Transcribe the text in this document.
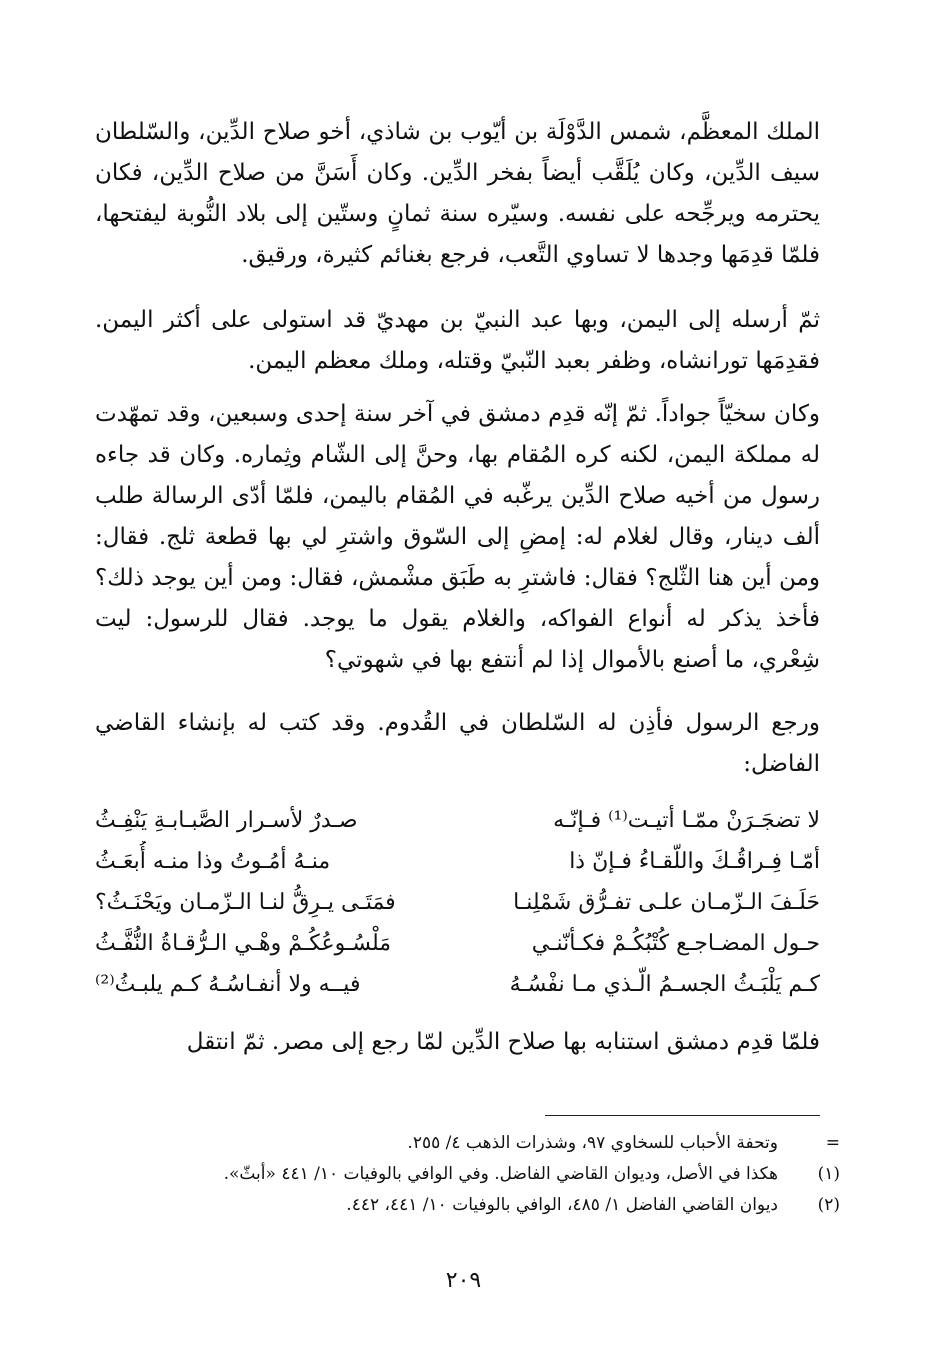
الملك المعظَّم، شمس الدَّوْلَة بن أيّوب بن شاذي، أخو صلاح الدِّين، والسّلطان سيف الدِّين، وكان يُلَقَّب أيضاً بفخر الدِّين. وكان أَسَنَّ من صلاح الدِّين، فكان يحترمه ويرجِّحه على نفسه. وسيّره سنة ثمانٍ وستّين إلى بلاد النُّوبة ليفتحها، فلمّا قدِمَها وجدها لا تساوي التَّعب، فرجع بغنائم كثيرة، ورقيق.

ثمّ أرسله إلى اليمن، وبها عبد النبيّ بن مهديّ قد استولى على أكثر اليمن. فقدِمَها تورانشاه، وظفر بعبد النّبيّ وقتله، وملك معظم اليمن.

وكان سخيّاً جواداً. ثمّ إنّه قدِم دمشق في آخر سنة إحدى وسبعين، وقد تمهّدت له مملكة اليمن، لكنه كره المُقام بها، وحنَّ إلى الشّام وثِماره. وكان قد جاءه رسول من أخيه صلاح الدِّين يرغّبه في المُقام باليمن، فلمّا أدّى الرسالة طلب ألف دينار، وقال لغلام له: إمضِ إلى السّوق واشترِ لي بها قطعة ثلج. فقال: ومن أين هنا الثّلج؟ فقال: فاشترِ به طَبَق مشْمش، فقال: ومن أين يوجد ذلك؟ فأخذ يذكر له أنواع الفواكه، والغلام يقول ما يوجد. فقال للرسول: ليت شِعْري، ما أصنع بالأموال إذا لم أنتفع بها في شهوتي؟

ورجع الرسول فأذِن له السّلطان في القُدوم. وقد كتب له بإنشاء القاضي الفاضل:

لا تضجَـرَنْ ممّـا أتيـت⁽¹⁾ فـإنّـه
صـدرٌ لأسـرار الصَّبـابـةِ يَنْفِـثُ
أمّـا فِـراقُـكَ واللّقـاءُ فـإنّ ذا
منـهُ أمُـوتُ وذا منـه أُبعَـثُ
حَلَـفَ الـزّمـان علـى تفـرُّق شَمْلِنـا
فمَتَـى يـرِقُّ لنـا الـزّمـان ويَحْنَـثُ؟
حـول المضـاجـع كُتْبُكُـمْ فكـأنّنـي
مَلْسُـوعُكُـمْ وهْـي الـرُّقـاةُ النُّفَّـثُ
كـم يَلْبَـثُ الجسـمُ الّـذي مـا نفْسُـهُ
فيــه ولا أنفـاسُـهُ كـم يلبـثُ⁽²⁾

فلمّا قدِم دمشق استنابه بها صلاح الدِّين لمّا رجع إلى مصر. ثمّ انتقل

=
وتحفة الأحباب للسخاوي ٩٧، وشذرات الذهب ٤/ ٢٥٥.
(١)
هكذا في الأصل، وديوان القاضي الفاضل. وفي الوافي بالوفيات ١٠/ ٤٤١ «أبثّ».
(٢)
ديوان القاضي الفاضل ١/ ٤٨٥، الوافي بالوفيات ١٠/ ٤٤١، ٤٤٢.
٢٠٩
